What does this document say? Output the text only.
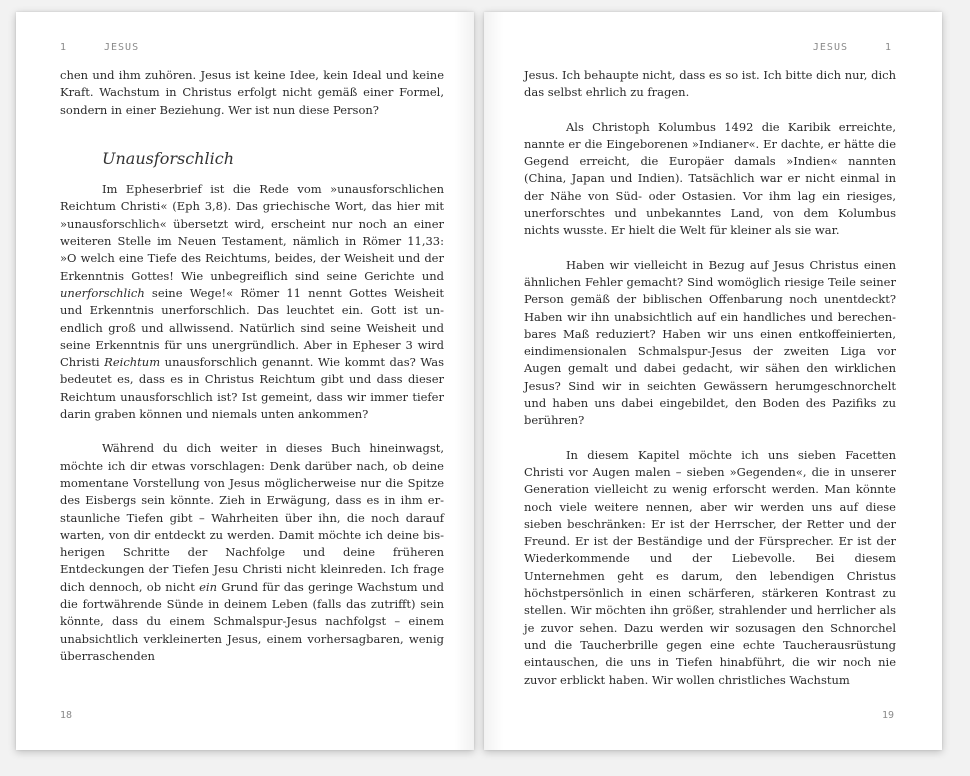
1	JESUS

chen und ihm zuhören. Jesus ist keine Idee, kein Ideal und keine Kraft. Wachstum in Christus erfolgt nicht gemäß einer Formel, sondern in einer Beziehung. Wer ist nun diese Person?

Unausforschlich

Im Epheserbrief ist die Rede vom »unausforschlichen Reichtum Christi« (Eph 3,8). Das griechische Wort, das hier mit »unausforschlich« übersetzt wird, erscheint nur noch an einer weiteren Stelle im Neuen Testament, nämlich in Römer 11,33: »O welch eine Tiefe des Reichtums, beides, der Weisheit und der Erkenntnis Gottes! Wie unbegreiflich sind seine Gerichte und unerforschlich seine Wege!« Römer 11 nennt Gottes Weisheit und Erkenntnis unerforschlich. Das leuchtet ein. Gott ist unendlich groß und allwissend. Natürlich sind seine Weisheit und seine Erkenntnis für uns unergründlich. Aber in Epheser 3 wird Christi Reichtum unausforschlich genannt. Wie kommt das? Was bedeutet es, dass es in Christus Reichtum gibt und dass dieser Reichtum unausforschlich ist? Ist gemeint, dass wir immer tiefer darin graben können und niemals unten ankommen?

Während du dich weiter in dieses Buch hineinwagst, möchte ich dir etwas vorschlagen: Denk darüber nach, ob deine momentane Vorstellung von Jesus möglicherweise nur die Spitze des Eisbergs sein könnte. Zieh in Erwägung, dass es in ihm erstaunliche Tiefen gibt – Wahrheiten über ihn, die noch darauf warten, von dir entdeckt zu werden. Damit möchte ich deine bisherigen Schritte der Nachfolge und deine früheren Entdeckungen der Tiefen Jesu Christi nicht kleinreden. Ich frage dich dennoch, ob nicht ein Grund für das geringe Wachstum und die fortwährende Sünde in deinem Leben (falls das zutrifft) sein könnte, dass du einem Schmalspur-Jesus nachfolgst – einem unabsichtlich verkleinerten Jesus, einem vorhersagbaren, wenig überraschenden

18
JESUS	1

Jesus. Ich behaupte nicht, dass es so ist. Ich bitte dich nur, dich das selbst ehrlich zu fragen.

Als Christoph Kolumbus 1492 die Karibik erreichte, nannte er die Eingeborenen »Indianer«. Er dachte, er hätte die Gegend erreicht, die Europäer damals »Indien« nannten (China, Japan und Indien). Tatsächlich war er nicht einmal in der Nähe von Süd- oder Ostasien. Vor ihm lag ein riesiges, unerforschtes und unbekanntes Land, von dem Kolumbus nichts wusste. Er hielt die Welt für kleiner als sie war.

Haben wir vielleicht in Bezug auf Jesus Christus einen ähnlichen Fehler gemacht? Sind womöglich riesige Teile seiner Person gemäß der biblischen Offenbarung noch unentdeckt? Haben wir ihn unabsichtlich auf ein handliches und berechenbares Maß reduziert? Haben wir uns einen entkoffeinierten, eindimensionalen Schmalspur-Jesus der zweiten Liga vor Augen gemalt und dabei gedacht, wir sähen den wirklichen Jesus? Sind wir in seichten Gewässern herumgeschnorchelt und haben uns dabei eingebildet, den Boden des Pazifiks zu berühren?

In diesem Kapitel möchte ich uns sieben Facetten Christi vor Augen malen – sieben »Gegenden«, die in unserer Generation vielleicht zu wenig erforscht werden. Man könnte noch viele weitere nennen, aber wir werden uns auf diese sieben beschränken: Er ist der Herrscher, der Retter und der Freund. Er ist der Beständige und der Fürsprecher. Er ist der Wiederkommende und der Liebevolle. Bei diesem Unternehmen geht es darum, den lebendigen Christus höchstpersönlich in einen schärferen, stärkeren Kontrast zu stellen. Wir möchten ihn größer, strahlender und herrlicher als je zuvor sehen. Dazu werden wir sozusagen den Schnorchel und die Taucherbrille gegen eine echte Taucherausrüstung eintauschen, die uns in Tiefen hinabführt, die wir noch nie zuvor erblickt haben. Wir wollen christliches Wachstum

19
